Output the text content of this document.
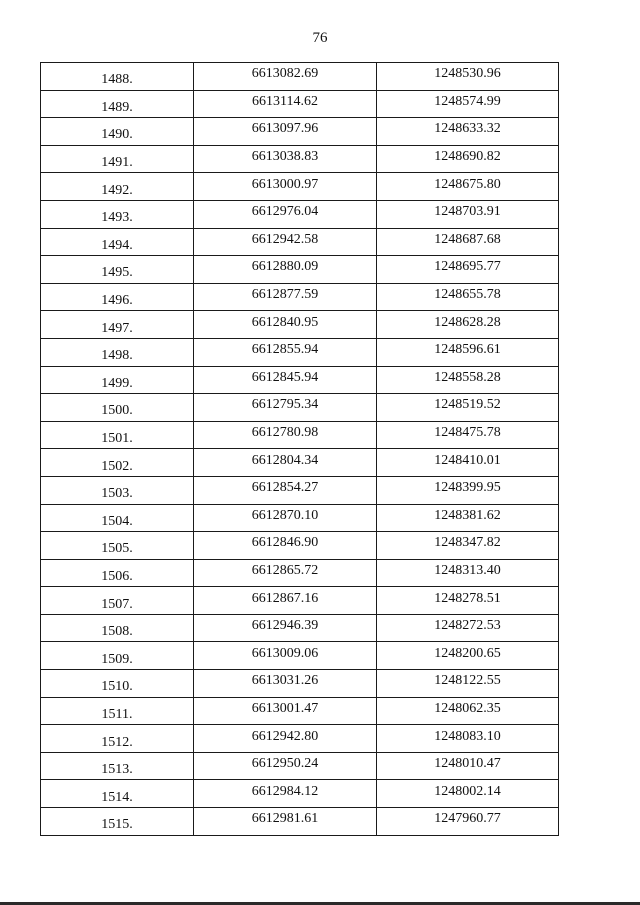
76
1488.	6613082.69	1248530.96
1489.	6613114.62	1248574.99
1490.	6613097.96	1248633.32
1491.	6613038.83	1248690.82
1492.	6613000.97	1248675.80
1493.	6612976.04	1248703.91
1494.	6612942.58	1248687.68
1495.	6612880.09	1248695.77
1496.	6612877.59	1248655.78
1497.	6612840.95	1248628.28
1498.	6612855.94	1248596.61
1499.	6612845.94	1248558.28
1500.	6612795.34	1248519.52
1501.	6612780.98	1248475.78
1502.	6612804.34	1248410.01
1503.	6612854.27	1248399.95
1504.	6612870.10	1248381.62
1505.	6612846.90	1248347.82
1506.	6612865.72	1248313.40
1507.	6612867.16	1248278.51
1508.	6612946.39	1248272.53
1509.	6613009.06	1248200.65
1510.	6613031.26	1248122.55
1511.	6613001.47	1248062.35
1512.	6612942.80	1248083.10
1513.	6612950.24	1248010.47
1514.	6612984.12	1248002.14
1515.	6612981.61	1247960.77
